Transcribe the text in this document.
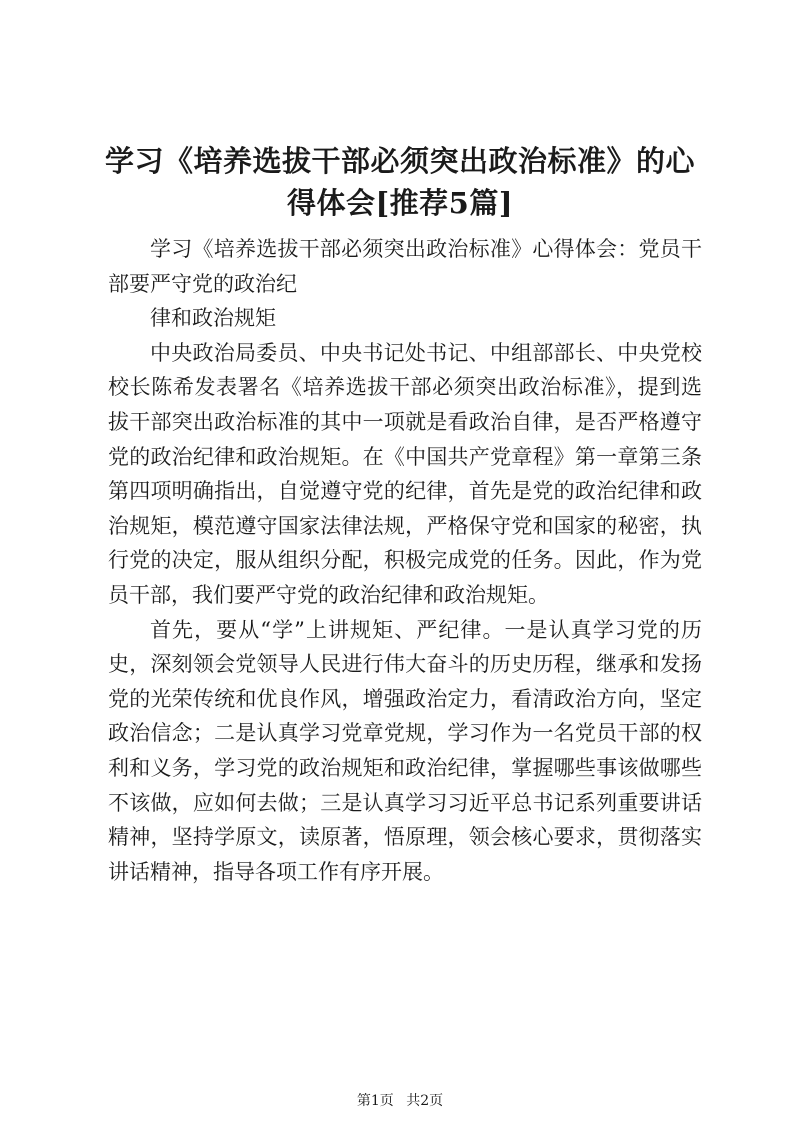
学习《培养选拔干部必须突出政治标准》的心得体会[推荐5篇]

学习《培养选拔干部必须突出政治标准》心得体会：党员干部要严守党的政治纪

律和政治规矩

中央政治局委员、中央书记处书记、中组部部长、中央党校校长陈希发表署名《培养选拔干部必须突出政治标准》，提到选拔干部突出政治标准的其中一项就是看政治自律，是否严格遵守党的政治纪律和政治规矩。在《中国共产党章程》第一章第三条第四项明确指出，自觉遵守党的纪律，首先是党的政治纪律和政治规矩，模范遵守国家法律法规，严格保守党和国家的秘密，执行党的决定，服从组织分配，积极完成党的任务。因此，作为党员干部，我们要严守党的政治纪律和政治规矩。

首先，要从“学”上讲规矩、严纪律。一是认真学习党的历史，深刻领会党领导人民进行伟大奋斗的历史历程，继承和发扬党的光荣传统和优良作风，增强政治定力，看清政治方向，坚定政治信念；二是认真学习党章党规，学习作为一名党员干部的权利和义务，学习党的政治规矩和政治纪律，掌握哪些事该做哪些不该做，应如何去做；三是认真学习习近平总书记系列重要讲话精神，坚持学原文，读原著，悟原理，领会核心要求，贯彻落实讲话精神，指导各项工作有序开展。

第1页 共2页
